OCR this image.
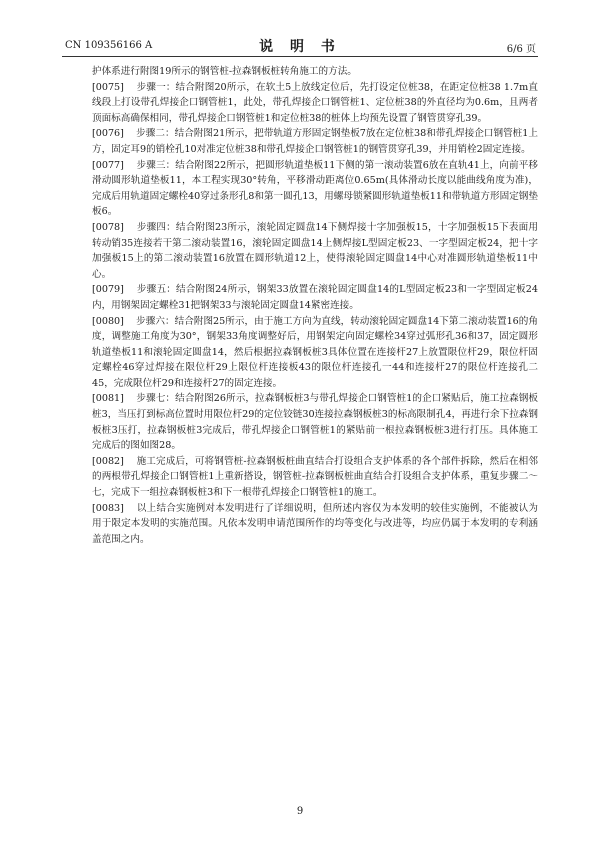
CN 109356166 A	说 明 书	6/6 页

护体系进行附图19所示的钢管桩-拉森钢板桩转角施工的方法。

[0075] 步骤一：结合附图20所示，在软土5上放线定位后，先打设定位桩38，在距定位桩38 1.7m直线段上打设带孔焊接企口钢管桩1，此处，带孔焊接企口钢管桩1、定位桩38的外直径均为0.6m，且两者顶面标高确保相同，带孔焊接企口钢管桩1和定位桩38的桩体上均预先设置了钢管贯穿孔39。

[0076] 步骤二：结合附图21所示，把带轨道方形固定钢垫板7放在定位桩38和带孔焊接企口钢管桩1上方，固定耳9的销栓孔10对准定位桩38和带孔焊接企口钢管桩1的钢管贯穿孔39，并用销栓2固定连接。

[0077] 步骤三：结合附图22所示，把圆形轨道垫板11下侧的第一滚动装置6放在直轨41上，向前平移滑动圆形轨道垫板11，本工程实现30°转角，平移滑动距离位0.65m(具体滑动长度以能曲线角度为准)，完成后用轨道固定螺栓40穿过条形孔8和第一圆孔13，用螺母锁紧圆形轨道垫板11和带轨道方形固定钢垫板6。

[0078] 步骤四：结合附图23所示，滚轮固定圆盘14下侧焊接十字加强板15，十字加强板15下表面用转动销35连接若干第二滚动装置16，滚轮固定圆盘14上侧焊接L型固定板23、一字型固定板24，把十字加强板15上的第二滚动装置16放置在圆形轨道12上，使得滚轮固定圆盘14中心对准圆形轨道垫板11中心。

[0079] 步骤五：结合附图24所示，钢架33放置在滚轮固定圆盘14的L型固定板23和一字型固定板24内，用钢架固定螺栓31把钢架33与滚轮固定圆盘14紧密连接。

[0080] 步骤六：结合附图25所示，由于施工方向为直线，转动滚轮固定圆盘14下第二滚动装置16的角度，调整施工角度为30°，钢架33角度调整好后，用钢架定向固定螺栓34穿过弧形孔36和37，固定圆形轨道垫板11和滚轮固定圆盘14，然后根据拉森钢板桩3具体位置在连接杆27上放置限位杆29，限位杆固定螺栓46穿过焊接在限位杆29上限位杆连接板43的限位杆连接孔一44和连接杆27的限位杆连接孔二45，完成限位杆29和连接杆27的固定连接。

[0081] 步骤七：结合附图26所示，拉森钢板桩3与带孔焊接企口钢管桩1的企口紧贴后，施工拉森钢板桩3，当压打到标高位置时用限位杆29的定位铰链30连接拉森钢板桩3的标高限制孔4，再进行余下拉森钢板桩3压打，拉森钢板桩3完成后，带孔焊接企口钢管桩1的紧贴前一根拉森钢板桩3进行打压。具体施工完成后的图如图28。

[0082] 施工完成后，可将钢管桩-拉森钢板桩曲直结合打设组合支护体系的各个部件拆除，然后在相邻的两根带孔焊接企口钢管桩1上重新搭设，钢管桩-拉森钢板桩曲直结合打设组合支护体系，重复步骤二～七，完成下一组拉森钢板桩3和下一根带孔焊接企口钢管桩1的施工。

[0083] 以上结合实施例对本发明进行了详细说明，但所述内容仅为本发明的较佳实施例，不能被认为用于限定本发明的实施范围。凡依本发明申请范围所作的均等变化与改进等，均应仍属于本发明的专利涵盖范围之内。

9
